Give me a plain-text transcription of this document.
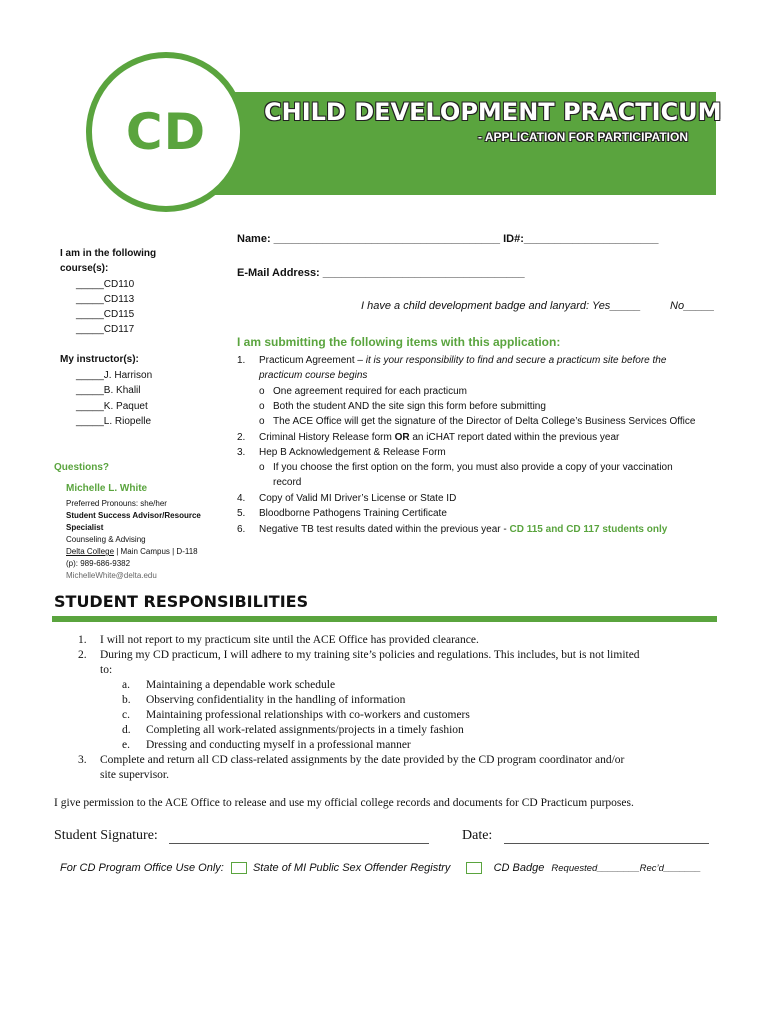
CD	CHILD DEVELOPMENT PRACTICUM
- APPLICATION FOR PARTICIPATION
Name: _____________________________________ ID#:______________________
E-Mail Address: _________________________________
I have a child development badge and lanyard: Yes_____	No_____
I am in the following
course(s):
_____CD110
_____CD113
_____CD115
_____CD117
My instructor(s):
_____J. Harrison
_____B. Khalil
_____K. Paquet
_____L. Riopelle
Questions?
Michelle L. White
Preferred Pronouns: she/her
Student Success Advisor/Resource
Specialist
Counseling & Advising
Delta College | Main Campus | D-118
(p): 989-686-9382
MichelleWhite@delta.edu
I am submitting the following items with this application:
1. Practicum Agreement – it is your responsibility to find and secure a practicum site before the
practicum course begins
o One agreement required for each practicum
o Both the student AND the site sign this form before submitting
o The ACE Office will get the signature of the Director of Delta College’s Business Services Office
2. Criminal History Release form OR an iCHAT report dated within the previous year
3. Hep B Acknowledgement & Release Form
o If you choose the first option on the form, you must also provide a copy of your vaccination
record
4. Copy of Valid MI Driver’s License or State ID
5. Bloodborne Pathogens Training Certificate
6. Negative TB test results dated within the previous year - CD 115 and CD 117 students only
STUDENT RESPONSIBILITIES
1. I will not report to my practicum site until the ACE Office has provided clearance.
2. During my CD practicum, I will adhere to my training site’s policies and regulations. This includes, but is not limited
to:
a. Maintaining a dependable work schedule
b. Observing confidentiality in the handling of information
c. Maintaining professional relationships with co-workers and customers
d. Completing all work-related assignments/projects in a timely fashion
e. Dressing and conducting myself in a professional manner
3. Complete and return all CD class-related assignments by the date provided by the CD program coordinator and/or
site supervisor.
I give permission to the ACE Office to release and use my official college records and documents for CD Practicum purposes.
Student Signature:	Date:
For CD Program Office Use Only:	State of MI Public Sex Offender Registry	CD Badge Requested________Rec’d_______
